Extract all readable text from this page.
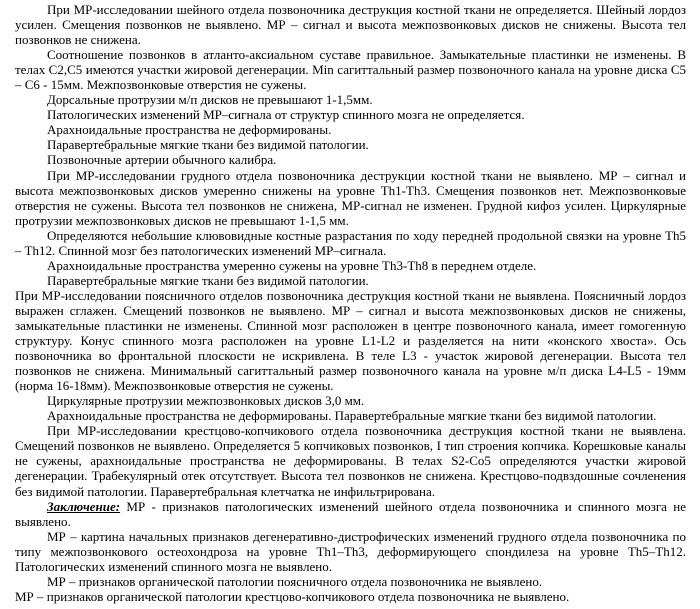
При МР-исследовании шейного отдела позвоночника деструкция костной ткани не определяется. Шейный лордоз усилен. Смещения позвонков не выявлено. МР – сигнал и высота межпозвонковых дисков не снижены. Высота тел позвонков не снижена.

Соотношение позвонков в атланто-аксиальном суставе правильное. Замыкательные пластинки не изменены. В телах С2,С5 имеются участки жировой дегенерации. Min сагиттальный размер позвоночного канала на уровне диска С5 – С6 - 15мм. Межпозвонковые отверстия не сужены.

Дорсальные протрузии м/п дисков не превышают 1-1,5мм.

Патологических изменений МР–сигнала от структур спинного мозга не определяется.

Арахноидальные пространства не деформированы.

Паравертебральные мягкие ткани без видимой патологии.

Позвоночные артерии обычного калибра.

При МР-исследовании грудного отдела позвоночника деструкции костной ткани не выявлено. МР – сигнал и высота межпозвонковых дисков умеренно снижены на уровне Th1-Th3. Смещения позвонков нет. Межпозвонковые отверстия не сужены. Высота тел позвонков не снижена, МР-сигнал не изменен. Грудной кифоз усилен. Циркулярные протрузии межпозвонковых дисков не превышают 1-1,5 мм.

Определяются небольшие клювовидные костные разрастания по ходу передней продольной связки на уровне Th5 – Th12. Спинной мозг без патологических изменений МР–сигнала.

Арахноидальные пространства умеренно сужены на уровне Th3-Th8 в переднем отделе.

Паравертебральные мягкие ткани без видимой патологии.

При МР-исследовании поясничного отделов позвоночника деструкция костной ткани не выявлена. Поясничный лордоз выражен сглажен. Смещений позвонков не выявлено. МР – сигнал и высота межпозвонковых дисков не снижены, замыкательные пластинки не изменены. Спинной мозг расположен в центре позвоночного канала, имеет гомогенную структуру. Конус спинного мозга расположен на уровне L1-L2 и разделяется на нити «конского хвоста». Ось позвоночника во фронтальной плоскости не искривлена. В теле L3 - участок жировой дегенерации. Высота тел позвонков не снижена. Минимальный сагиттальный размер позвоночного канала на уровне м/п диска L4-L5 - 19мм (норма 16-18мм). Межпозвонковые отверстия не сужены.

Циркулярные протрузии межпозвонковых дисков 3,0 мм.

Арахноидальные пространства не деформированы. Паравертебральные мягкие ткани без видимой патологии.

При МР-исследовании крестцово-копчикового отдела позвоночника деструкция костной ткани не выявлена. Смещений позвонков не выявлено. Определяется 5 копчиковых позвонков, I тип строения копчика. Корешковые каналы не сужены, арахноидальные пространства не деформированы. В телах S2-Co5 определяются участки жировой дегенерации. Трабекулярный отек отсутствует. Высота тел позвонков не снижена. Крестцово-подвздошные сочленения без видимой патологии. Паравертебральная клетчатка не инфильтрирована.

Заключение: МР - признаков патологических изменений шейного отдела позвоночника и спинного мозга не выявлено.

МР – картина начальных признаков дегенеративно-дистрофических изменений грудного отдела позвоночника по типу межпозвонкового остеохондроза на уровне Th1–Th3, деформирующего спондилеза на уровне Th5–Th12. Патологических изменений спинного мозга не выявлено.

МР – признаков органической патологии поясничного отдела позвоночника не выявлено.

МР – признаков органической патологии крестцово-копчикового отдела позвоночника не выявлено.
